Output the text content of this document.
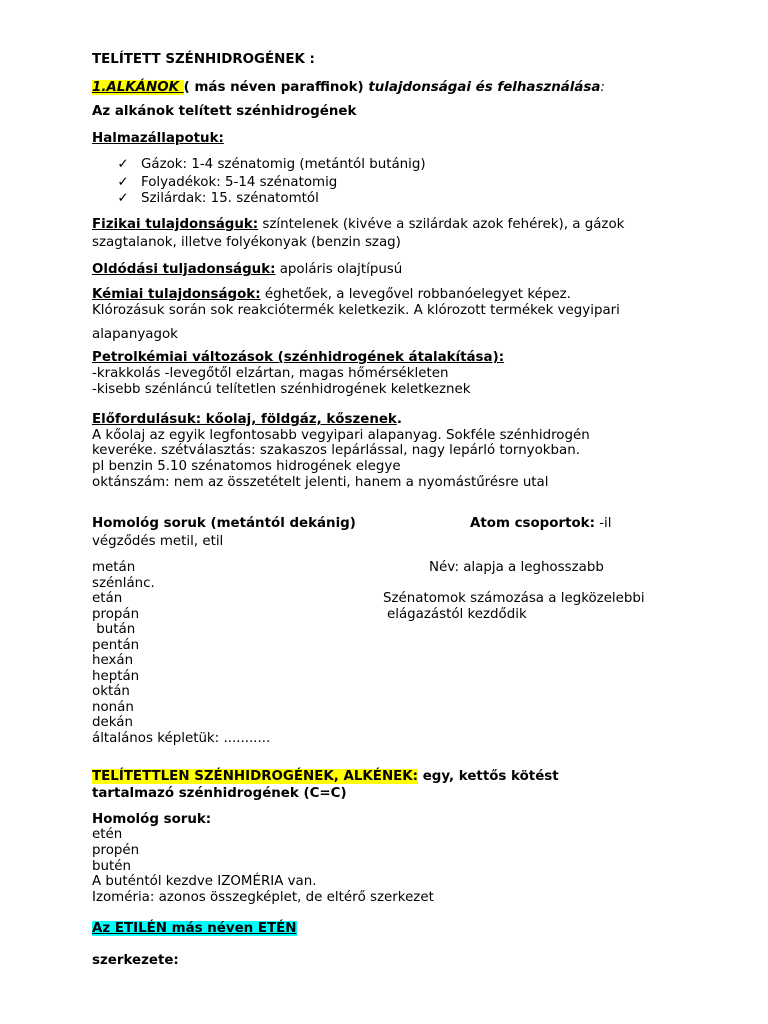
TELÍTETT SZÉNHIDROGÉNEK :
1.ALKÁNOK ( más néven paraffinok) tulajdonságai és felhasználása:
Az alkánok telített szénhidrogének
Halmazállapotuk:
✓ Gázok: 1-4 szénatomig (metántól butánig)
✓ Folyadékok: 5-14 szénatomig
✓ Szilárdak: 15. szénatomtól
Fizikai tulajdonságuk: színtelenek (kivéve a szilárdak azok fehérek), a gázok
szagtalanok, illetve folyékonyak (benzin szag)
Oldódási tuljadonságuk: apoláris olajtípusú
Kémiai tulajdonságok: éghetőek, a levegővel robbanóelegyet képez.
Klórozásuk során sok reakciótermék keletkezik. A klórozott termékek vegyipari
alapanyagok
Petrolkémiai változások (szénhidrogének átalakítása):
-krakkolás -levegőtől elzártan, magas hőmérsékleten
-kisebb szénláncú telítetlen szénhidrogének keletkeznek
Előfordulásuk: kőolaj, földgáz, kőszenek.
A kőolaj az egyik legfontosabb vegyipari alapanyag. Sokféle szénhidrogén
keveréke. szétválasztás: szakaszos lepárlással, nagy lepárló tornyokban.
pl benzin 5.10 szénatomos hidrogének elegye
oktánszám: nem az összetételt jelenti, hanem a nyomástűrésre utal
Homológ soruk (metántól dekánig)	Atom csoportok: -il
végződés metil, etil
metán	Név: alapja a leghosszabb
szénlánc.
etán	Szénatomok számozása a legközelebbi
propán	elágazástól kezdődik
bután
pentán
hexán
heptán
oktán
nonán
dekán
általános képletük: ...........
TELÍTETTLEN SZÉNHIDROGÉNEK, ALKÉNEK: egy, kettős kötést
tartalmazó szénhidrogének (C=C)
Homológ soruk:
etén
propén
butén
A buténtól kezdve IZOMÉRIA van.
Izoméria: azonos összegképlet, de eltérő szerkezet
Az ETILÉN más néven ETÉN
szerkezete:
